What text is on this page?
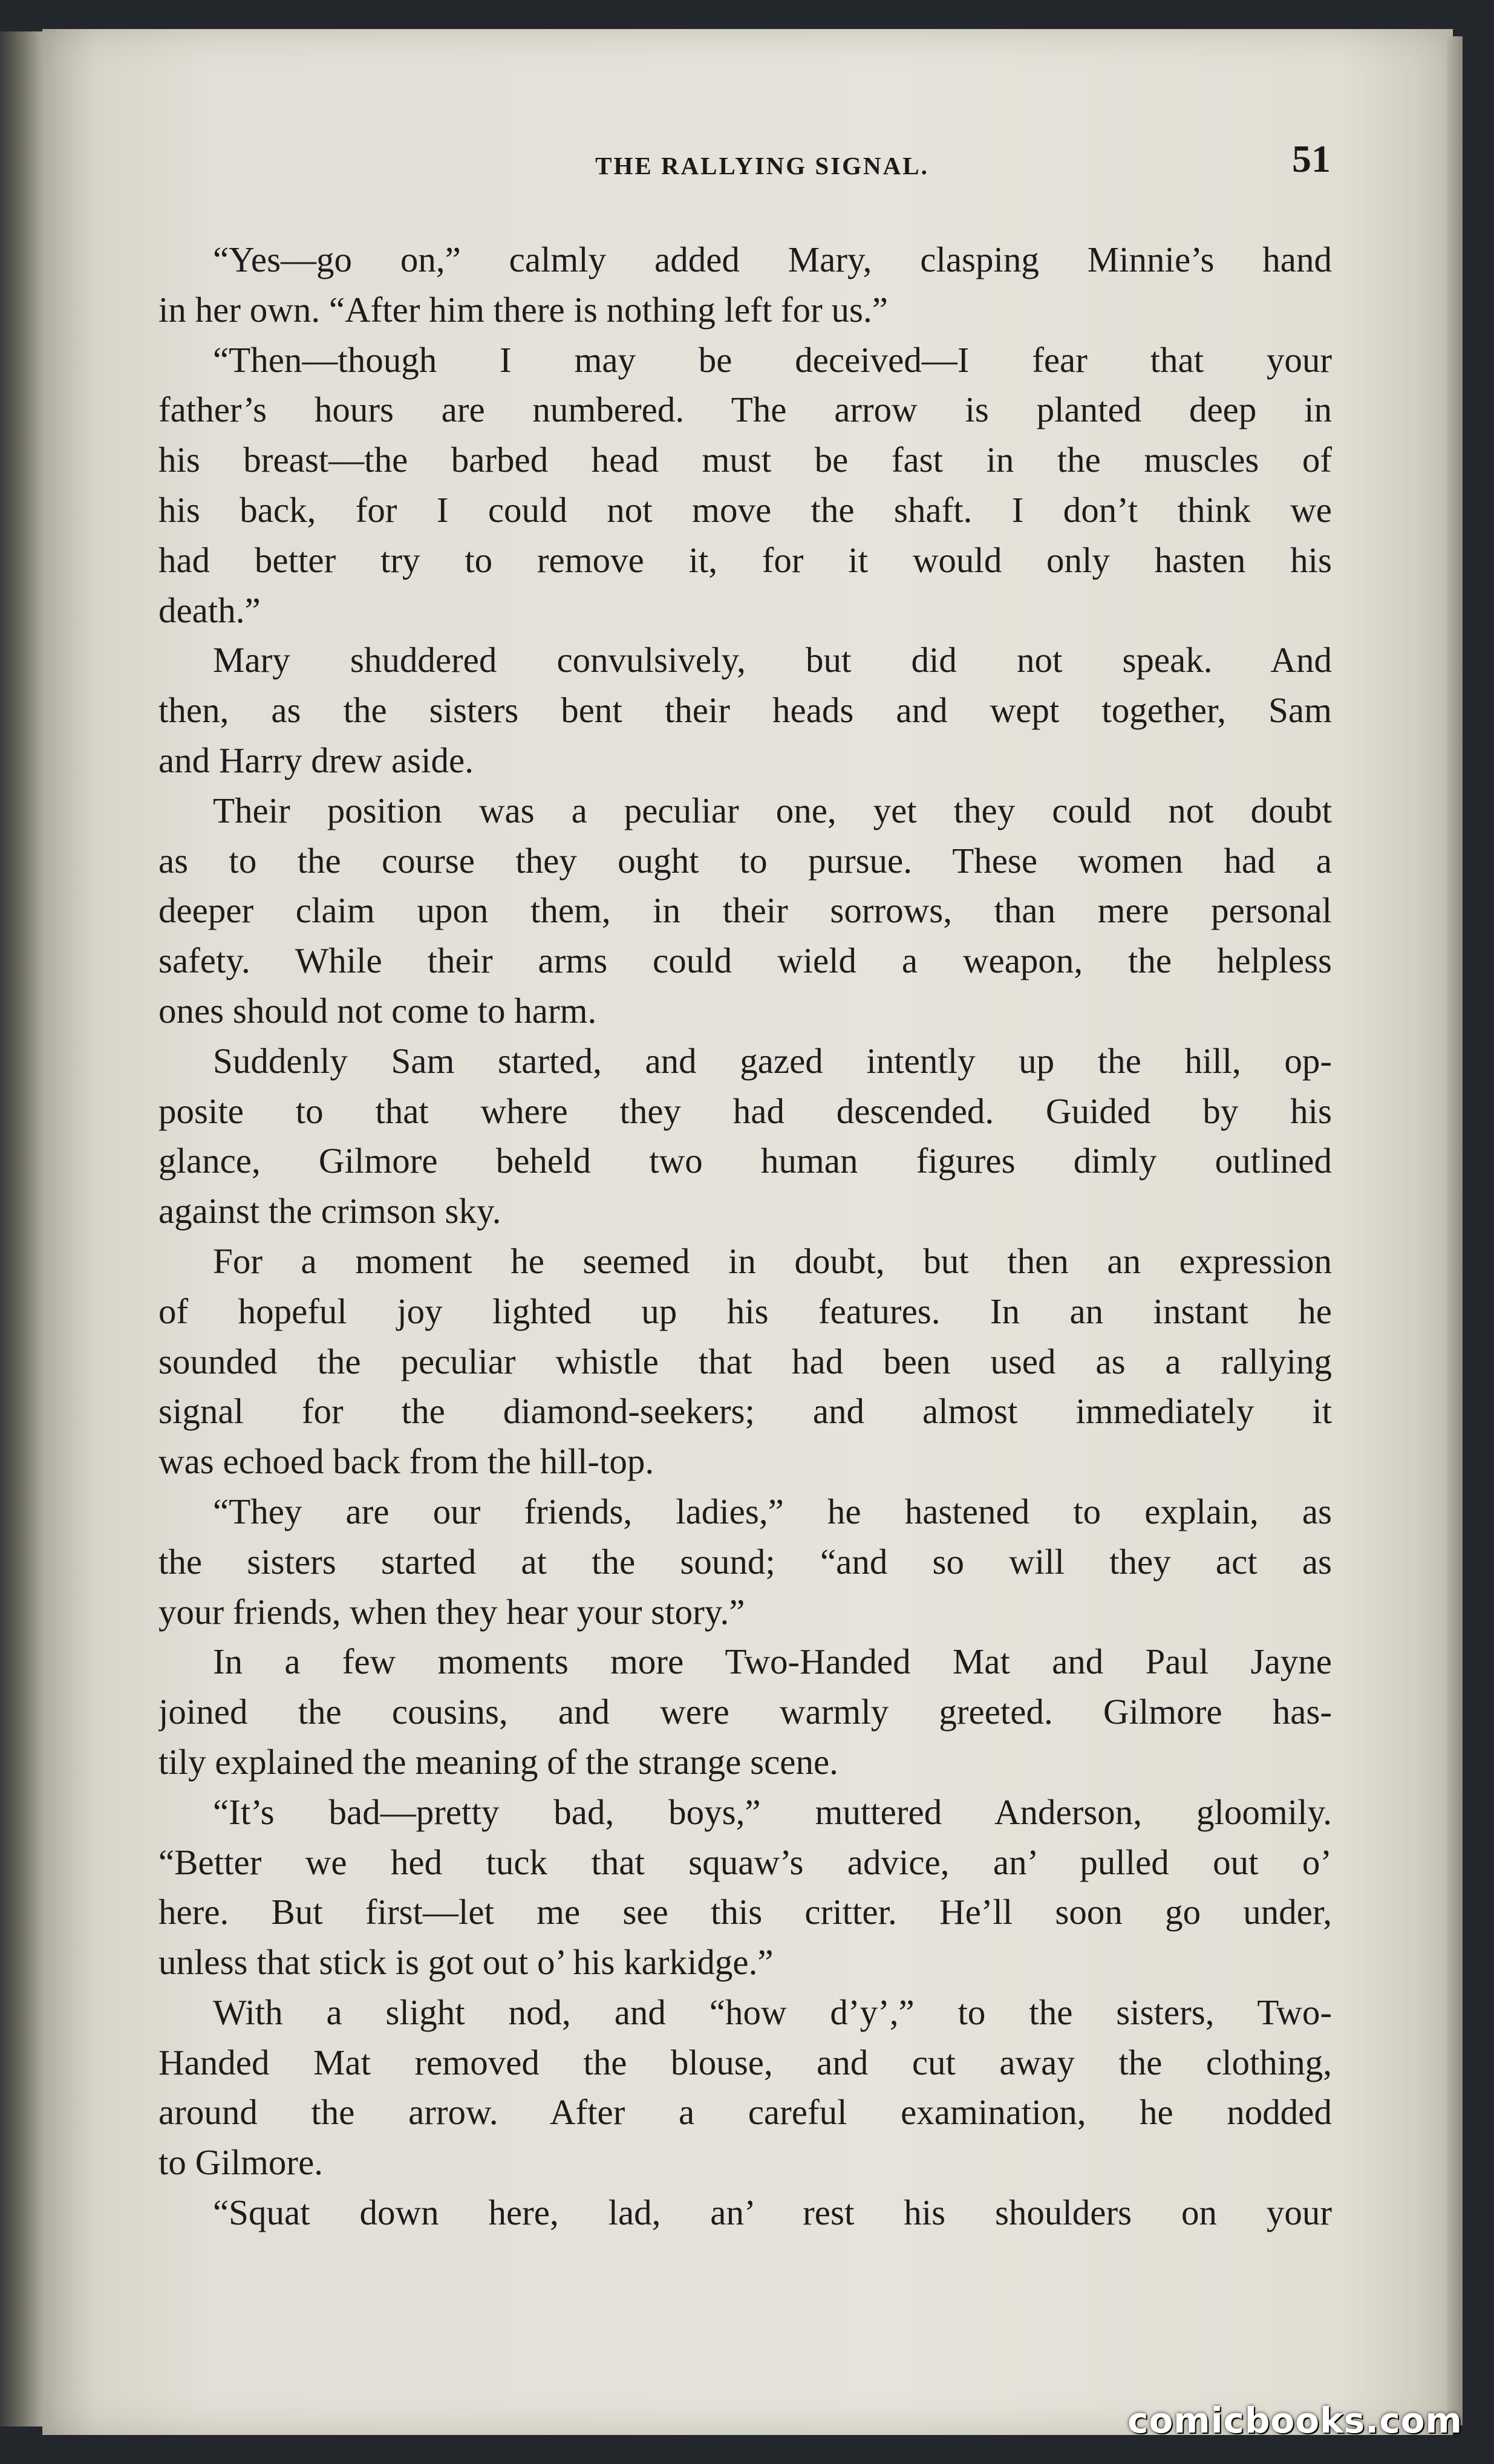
THE RALLYING SIGNAL.	51
“Yes—go on,” calmly added Mary, clasping Minnie’s hand
in her own. “After him there is nothing left for us.”
“Then—though I may be deceived—I fear that your
father’s hours are numbered. The arrow is planted deep in
his breast—the barbed head must be fast in the muscles of
his back, for I could not move the shaft. I don’t think we
had better try to remove it, for it would only hasten his
death.”
Mary shuddered convulsively, but did not speak. And
then, as the sisters bent their heads and wept together, Sam
and Harry drew aside.
Their position was a peculiar one, yet they could not doubt
as to the course they ought to pursue. These women had a
deeper claim upon them, in their sorrows, than mere personal
safety. While their arms could wield a weapon, the helpless
ones should not come to harm.
Suddenly Sam started, and gazed intently up the hill, op-
posite to that where they had descended. Guided by his
glance, Gilmore beheld two human figures dimly outlined
against the crimson sky.
For a moment he seemed in doubt, but then an expression
of hopeful joy lighted up his features. In an instant he
sounded the peculiar whistle that had been used as a rallying
signal for the diamond-seekers; and almost immediately it
was echoed back from the hill-top.
“They are our friends, ladies,” he hastened to explain, as
the sisters started at the sound; “and so will they act as
your friends, when they hear your story.”
In a few moments more Two-Handed Mat and Paul Jayne
joined the cousins, and were warmly greeted. Gilmore has-
tily explained the meaning of the strange scene.
“It’s bad—pretty bad, boys,” muttered Anderson, gloomily.
“Better we hed tuck that squaw’s advice, an’ pulled out o’
here. But first—let me see this critter. He’ll soon go under,
unless that stick is got out o’ his karkidge.”
With a slight nod, and “how d’y’,” to the sisters, Two-
Handed Mat removed the blouse, and cut away the clothing,
around the arrow. After a careful examination, he nodded
to Gilmore.
“Squat down here, lad, an’ rest his shoulders on your
comicbooks.com
